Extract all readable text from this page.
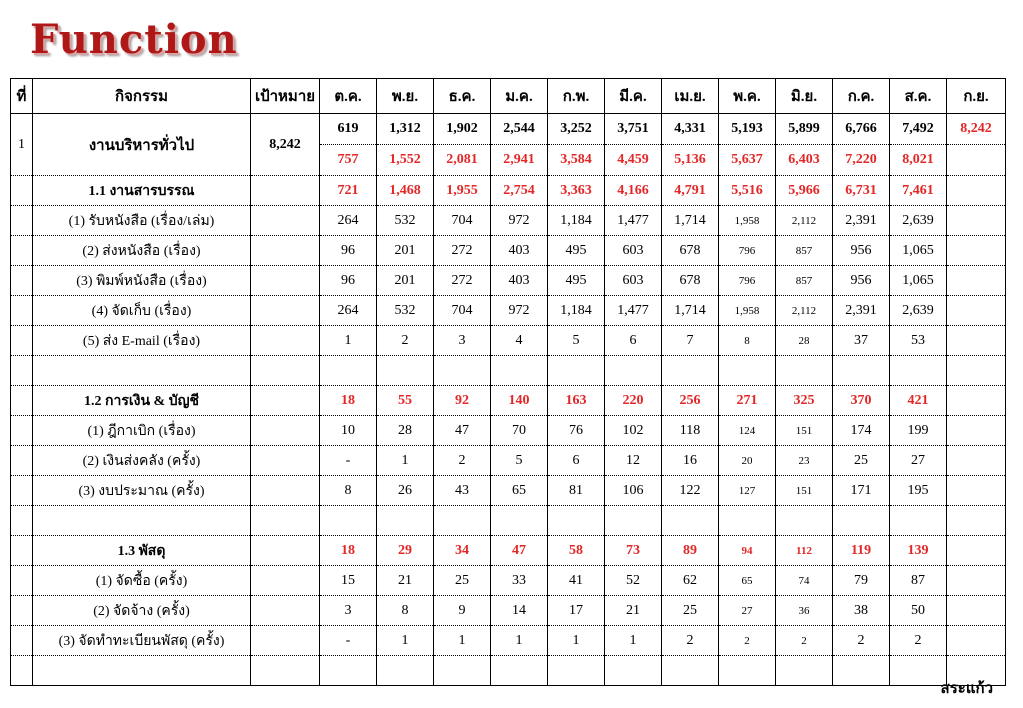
Function
ที่	กิจกรรม	เป้าหมาย	ต.ค.	พ.ย.	ธ.ค.	ม.ค.	ก.พ.	มี.ค.	เม.ย.	พ.ค.	มิ.ย.	ก.ค.	ส.ค.	ก.ย.
1	งานบริหารทั่วไป	8,242	619	1,312	1,902	2,544	3,252	3,751	4,331	5,193	5,899	6,766	7,492	8,242
			757	1,552	2,081	2,941	3,584	4,459	5,136	5,637	6,403	7,220	8,021	
	1.1 งานสารบรรณ		721	1,468	1,955	2,754	3,363	4,166	4,791	5,516	5,966	6,731	7,461	
	(1) รับหนังสือ (เรื่อง/เล่ม)		264	532	704	972	1,184	1,477	1,714	1,958	2,112	2,391	2,639	
	(2) ส่งหนังสือ (เรื่อง)		96	201	272	403	495	603	678	796	857	956	1,065	
	(3) พิมพ์หนังสือ (เรื่อง)		96	201	272	403	495	603	678	796	857	956	1,065	
	(4) จัดเก็บ (เรื่อง)		264	532	704	972	1,184	1,477	1,714	1,958	2,112	2,391	2,639	
	(5) ส่ง E-mail (เรื่อง)		1	2	3	4	5	6	7	8	28	37	53	

	1.2 การเงิน & บัญชี		18	55	92	140	163	220	256	271	325	370	421	
	(1) ฎีกาเบิก (เรื่อง)		10	28	47	70	76	102	118	124	151	174	199	
	(2) เงินส่งคลัง (ครั้ง)		-	1	2	5	6	12	16	20	23	25	27	
	(3) งบประมาณ (ครั้ง)		8	26	43	65	81	106	122	127	151	171	195	

	1.3 พัสดุ		18	29	34	47	58	73	89	94	112	119	139	
	(1) จัดซื้อ (ครั้ง)		15	21	25	33	41	52	62	65	74	79	87	
	(2) จัดจ้าง (ครั้ง)		3	8	9	14	17	21	25	27	36	38	50	
	(3) จัดทำทะเบียนพัสดุ (ครั้ง)		-	1	1	1	1	1	2	2	2	2	2	

สระแก้ว
